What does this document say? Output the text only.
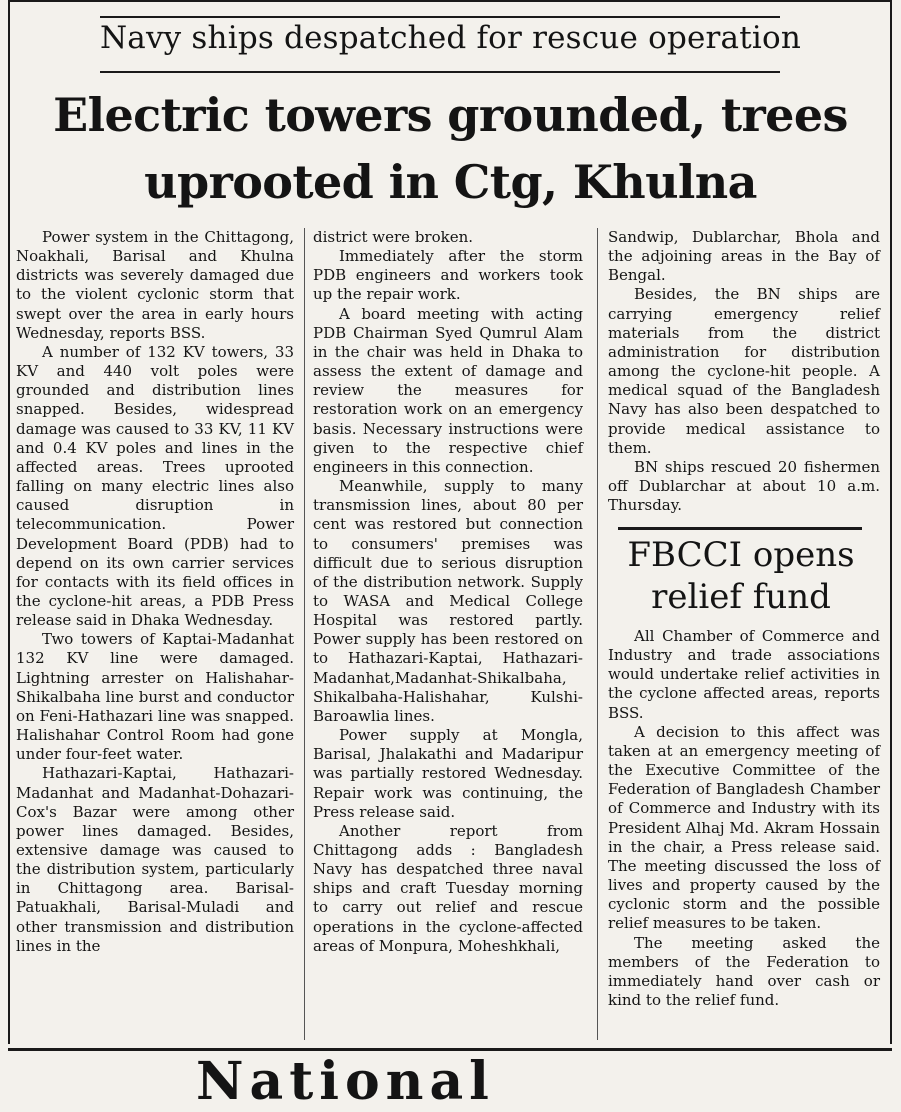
Navy ships despatched for rescue operation
Electric towers grounded, trees uprooted in Ctg, Khulna

Power system in the Chittagong, Noakhali, Barisal and Khulna districts was severely damaged due to the violent cyclonic storm that swept over the area in early hours Wednesday, reports BSS.

A number of 132 KV towers, 33 KV and 440 volt poles were grounded and distribution lines snapped. Besides, widespread damage was caused to 33 KV, 11 KV and 0.4 KV poles and lines in the affected areas. Trees uprooted falling on many electric lines also caused disruption in telecommunication. Power Development Board (PDB) had to depend on its own carrier services for contacts with its field offices in the cyclone-hit areas, a PDB Press release said in Dhaka Wednesday.

Two towers of Kaptai-Madanhat 132 KV line were damaged. Lightning arrester on Halishahar-Shikalbaha line burst and conductor on Feni-Hathazari line was snapped. Halishahar Control Room had gone under four-feet water.

Hathazari-Kaptai, Hathazari-Madanhat and Madanhat-Dohazari-Cox's Bazar were among other power lines damaged. Besides, extensive damage was caused to the distribution system, particularly in Chittagong area. Barisal-Patuakhali, Barisal-Muladi and other transmission and distribution lines in the

district were broken.

Immediately after the storm PDB engineers and workers took up the repair work.

A board meeting with acting PDB Chairman Syed Qumrul Alam in the chair was held in Dhaka to assess the extent of damage and review the measures for restoration work on an emergency basis. Necessary instructions were given to the respective chief engineers in this connection.

Meanwhile, supply to many transmission lines, about 80 per cent was restored but connection to consumers' premises was difficult due to serious disruption of the distribution network. Supply to WASA and Medical College Hospital was restored partly. Power supply has been restored on to Hathazari-Kaptai, Hathazari-Madanhat,Madanhat-Shikalbaha, Shikalbaha-Halishahar, Kulshi-Baroawlia lines.

Power supply at Mongla, Barisal, Jhalakathi and Madaripur was partially restored Wednesday. Repair work was continuing, the Press release said.

Another report from Chittagong adds : Bangladesh Navy has despatched three naval ships and craft Tuesday morning to carry out relief and rescue operations in the cyclone-affected areas of Monpura, Moheshkhali,

Sandwip, Dublarchar, Bhola and the adjoining areas in the Bay of Bengal.

Besides, the BN ships are carrying emergency relief materials from the district administration for distribution among the cyclone-hit people. A medical squad of the Bangladesh Navy has also been despatched to provide medical assistance to them.

BN ships rescued 20 fishermen off Dublarchar at about 10 a.m. Thursday.

FBCCI opens relief fund

All Chamber of Commerce and Industry and trade associations would undertake relief activities in the cyclone affected areas, reports BSS.

A decision to this affect was taken at an emergency meeting of the Executive Committee of the Federation of Bangladesh Chamber of Commerce and Industry with its President Alhaj Md. Akram Hossain in the chair, a Press release said. The meeting discussed the loss of lives and property caused by the cyclonic storm and the possible relief measures to be taken.

The meeting asked the members of the Federation to immediately hand over cash or kind to the relief fund.

National
